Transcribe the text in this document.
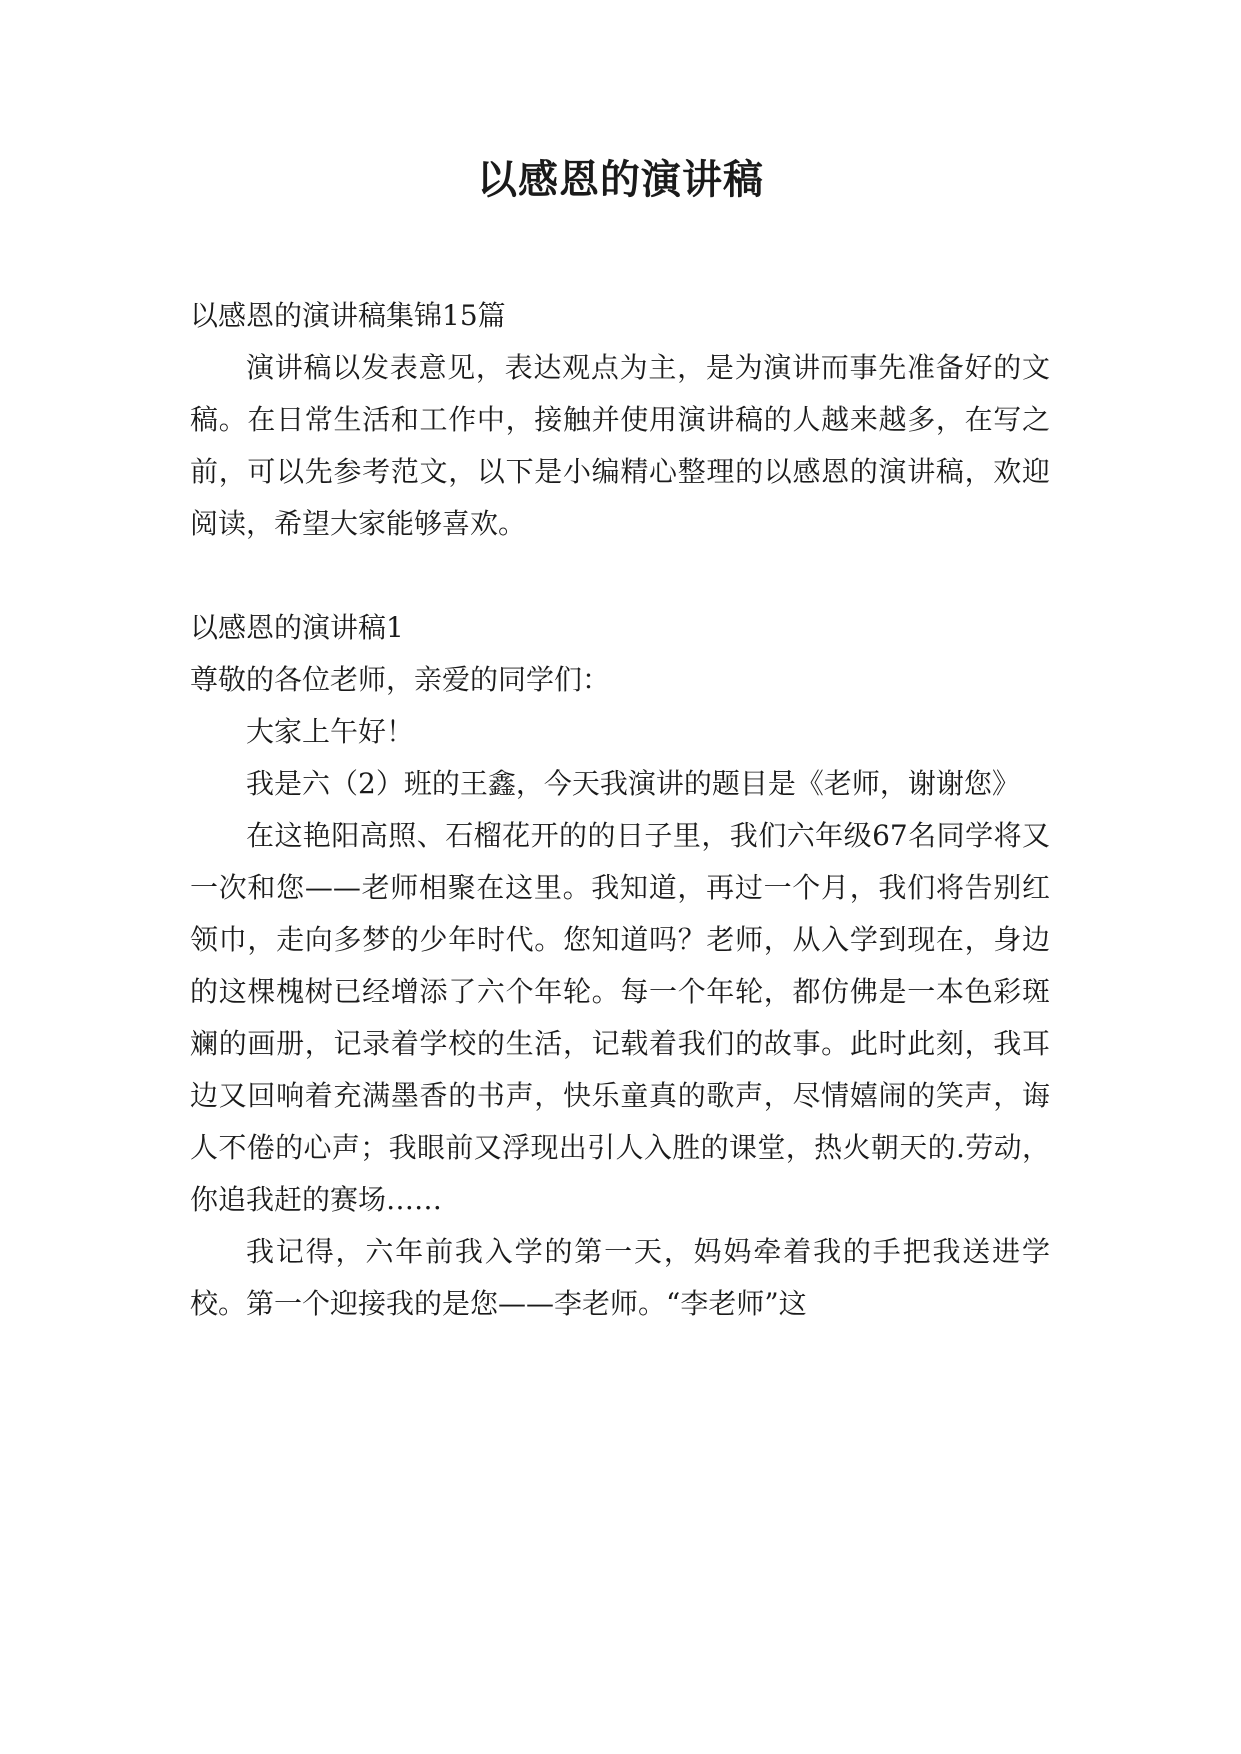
以感恩的演讲稿

以感恩的演讲稿集锦15篇

演讲稿以发表意见，表达观点为主，是为演讲而事先准备好的文稿。在日常生活和工作中，接触并使用演讲稿的人越来越多，在写之前，可以先参考范文，以下是小编精心整理的以感恩的演讲稿，欢迎阅读，希望大家能够喜欢。

以感恩的演讲稿1

尊敬的各位老师，亲爱的同学们：

大家上午好！

我是六（2）班的王鑫，今天我演讲的题目是《老师，谢谢您》

在这艳阳高照、石榴花开的的日子里，我们六年级67名同学将又一次和您——老师相聚在这里。我知道，再过一个月，我们将告别红领巾，走向多梦的少年时代。您知道吗？老师，从入学到现在，身边的这棵槐树已经增添了六个年轮。每一个年轮，都仿佛是一本色彩斑斓的画册，记录着学校的生活，记载着我们的故事。此时此刻，我耳边又回响着充满墨香的书声，快乐童真的歌声，尽情嬉闹的笑声，诲人不倦的心声；我眼前又浮现出引人入胜的课堂，热火朝天的.劳动，你追我赶的赛场……

我记得，六年前我入学的第一天，妈妈牵着我的手把我送进学校。第一个迎接我的是您——李老师。“李老师”这
